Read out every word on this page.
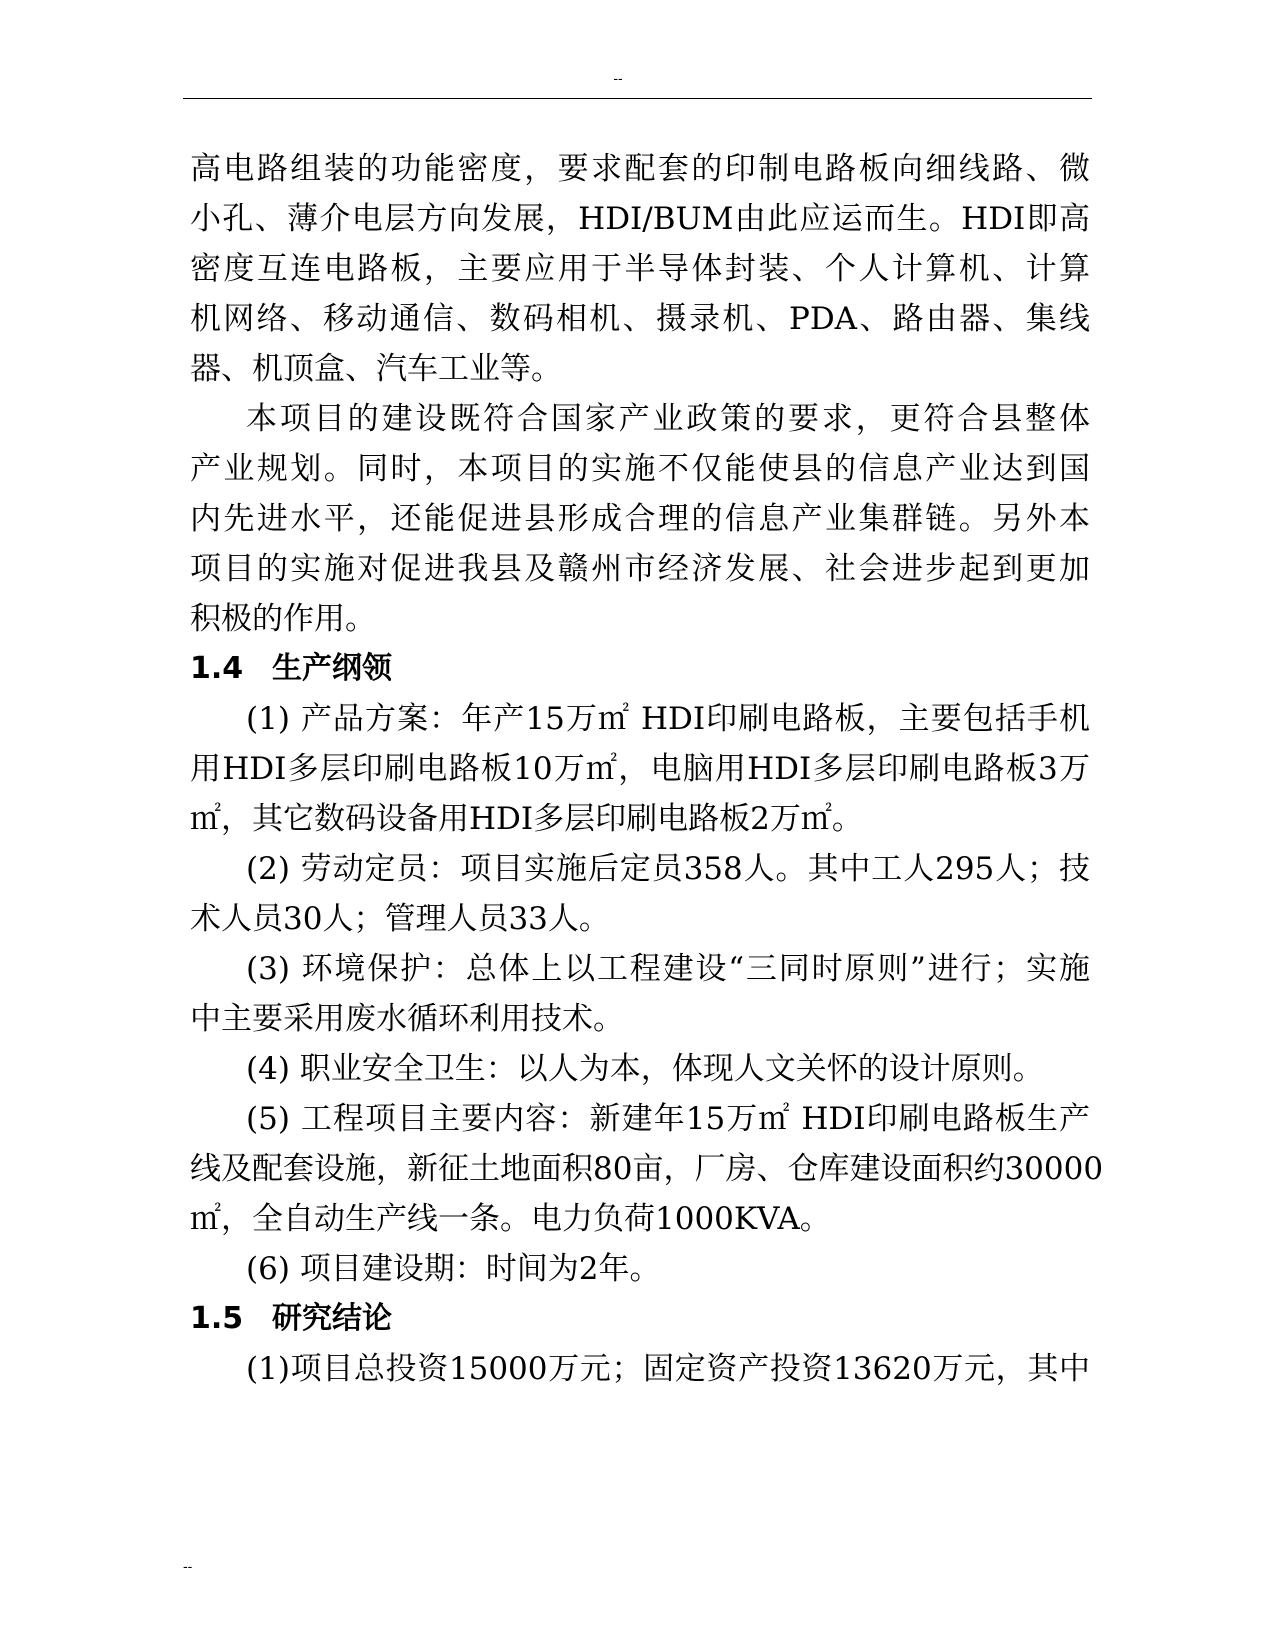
--
高电路组装的功能密度，要求配套的印制电路板向细线路、微
小孔、薄介电层方向发展，HDI/BUM由此应运而生。HDI即高
密度互连电路板，主要应用于半导体封装、个人计算机、计算
机网络、移动通信、数码相机、摄录机、PDA、路由器、集线
器、机顶盒、汽车工业等。
本项目的建设既符合国家产业政策的要求，更符合县整体
产业规划。同时，本项目的实施不仅能使县的信息产业达到国
内先进水平，还能促进县形成合理的信息产业集群链。另外本
项目的实施对促进我县及赣州市经济发展、社会进步起到更加
积极的作用。
1.4 生产纲领
(1) 产品方案：年产15万㎡ HDI印刷电路板，主要包括手机
用HDI多层印刷电路板10万㎡，电脑用HDI多层印刷电路板3万
㎡，其它数码设备用HDI多层印刷电路板2万㎡。
(2) 劳动定员：项目实施后定员358人。其中工人295人；技
术人员30人；管理人员33人。
(3) 环境保护：总体上以工程建设“三同时原则”进行；实施
中主要采用废水循环利用技术。
(4) 职业安全卫生：以人为本，体现人文关怀的设计原则。
(5) 工程项目主要内容：新建年15万㎡ HDI印刷电路板生产
线及配套设施，新征土地面积80亩，厂房、仓库建设面积约30000
㎡，全自动生产线一条。电力负荷1000KVA。
(6) 项目建设期：时间为2年。
1.5 研究结论
(1)项目总投资15000万元；固定资产投资13620万元，其中
--
